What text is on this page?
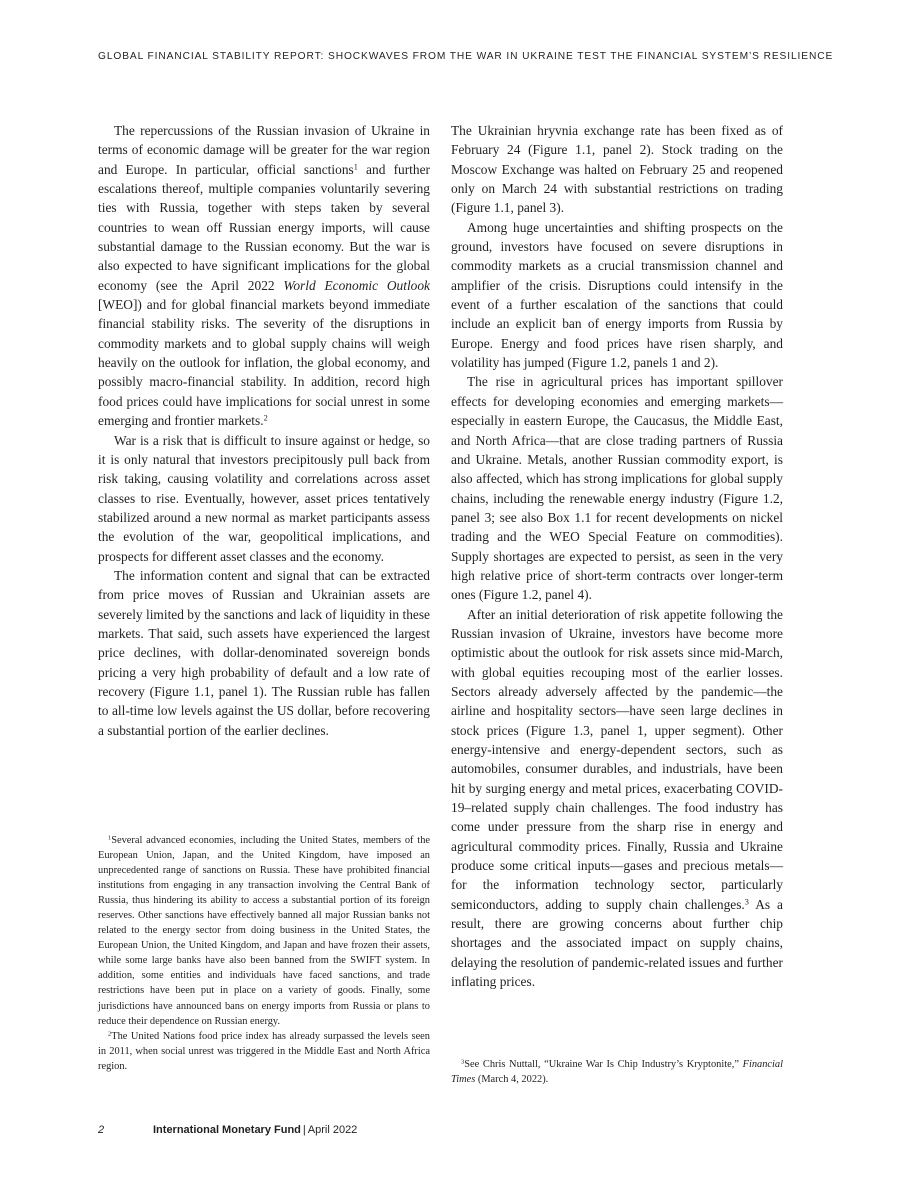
GLOBAL FINANCIAL STABILITY REPORT: SHOCKWAVES FROM THE WAR IN UKRAINE TEST THE FINANCIAL SYSTEM’S RESILIENCE

The repercussions of the Russian invasion of Ukraine in terms of economic damage will be greater for the war region and Europe. In particular, official sanctions$^1$ and further escalations thereof, multiple companies voluntarily severing ties with Russia, together with steps taken by several countries to wean off Russian energy imports, will cause substantial damage to the Russian economy. But the war is also expected to have significant implications for the global economy (see the April 2022 World Economic Outlook [WEO]) and for global financial markets beyond immediate financial stability risks. The severity of the disruptions in commodity markets and to global supply chains will weigh heavily on the outlook for inflation, the global economy, and possibly macro-financial stability. In addition, record high food prices could have implications for social unrest in some emerging and frontier markets.$^2$

War is a risk that is difficult to insure against or hedge, so it is only natural that investors precipitously pull back from risk taking, causing volatility and correlations across asset classes to rise. Eventually, however, asset prices tentatively stabilized around a new normal as market participants assess the evolution of the war, geopolitical implications, and prospects for different asset classes and the economy.

The information content and signal that can be extracted from price moves of Russian and Ukrainian assets are severely limited by the sanctions and lack of liquidity in these markets. That said, such assets have experienced the largest price declines, with dollar-denominated sovereign bonds pricing a very high probability of default and a low rate of recovery (Figure 1.1, panel 1). The Russian ruble has fallen to all-time low levels against the US dollar, before recovering a substantial portion of the earlier declines.

The Ukrainian hryvnia exchange rate has been fixed as of February 24 (Figure 1.1, panel 2). Stock trading on the Moscow Exchange was halted on February 25 and reopened only on March 24 with substantial restrictions on trading (Figure 1.1, panel 3).

Among huge uncertainties and shifting prospects on the ground, investors have focused on severe disruptions in commodity markets as a crucial transmission channel and amplifier of the crisis. Disruptions could intensify in the event of a further escalation of the sanctions that could include an explicit ban of energy imports from Russia by Europe. Energy and food prices have risen sharply, and volatility has jumped (Figure 1.2, panels 1 and 2).

The rise in agricultural prices has important spillover effects for developing economies and emerging markets—especially in eastern Europe, the Caucasus, the Middle East, and North Africa—that are close trading partners of Russia and Ukraine. Metals, another Russian commodity export, is also affected, which has strong implications for global supply chains, including the renewable energy industry (Figure 1.2, panel 3; see also Box 1.1 for recent developments on nickel trading and the WEO Special Feature on commodities). Supply shortages are expected to persist, as seen in the very high relative price of short-term contracts over longer-term ones (Figure 1.2, panel 4).

After an initial deterioration of risk appetite following the Russian invasion of Ukraine, investors have become more optimistic about the outlook for risk assets since mid-March, with global equities recouping most of the earlier losses. Sectors already adversely affected by the pandemic—the airline and hospitality sectors—have seen large declines in stock prices (Figure 1.3, panel 1, upper segment). Other energy-intensive and energy-dependent sectors, such as automobiles, consumer durables, and industrials, have been hit by surging energy and metal prices, exacerbating COVID-19–related supply chain challenges. The food industry has come under pressure from the sharp rise in energy and agricultural commodity prices. Finally, Russia and Ukraine produce some critical inputs—gases and precious metals—for the information technology sector, particularly semiconductors, adding to supply chain challenges.$^3$ As a result, there are growing concerns about further chip shortages and the associated impact on supply chains, delaying the resolution of pandemic-related issues and further inflating prices.

$^1$Several advanced economies, including the United States, members of the European Union, Japan, and the United Kingdom, have imposed an unprecedented range of sanctions on Russia. These have prohibited financial institutions from engaging in any transaction involving the Central Bank of Russia, thus hindering its ability to access a substantial portion of its foreign reserves. Other sanctions have effectively banned all major Russian banks not related to the energy sector from doing business in the United States, the European Union, the United Kingdom, and Japan and have frozen their assets, while some large banks have also been banned from the SWIFT system. In addition, some entities and individuals have faced sanctions, and trade restrictions have been put in place on a variety of goods. Finally, some jurisdictions have announced bans on energy imports from Russia or plans to reduce their dependence on Russian energy.

$^2$The United Nations food price index has already surpassed the levels seen in 2011, when social unrest was triggered in the Middle East and North Africa region.	$^3$See Chris Nuttall, “Ukraine War Is Chip Industry’s Kryptonite,” Financial Times (March 4, 2022).

2	International Monetary Fund | April 2022
